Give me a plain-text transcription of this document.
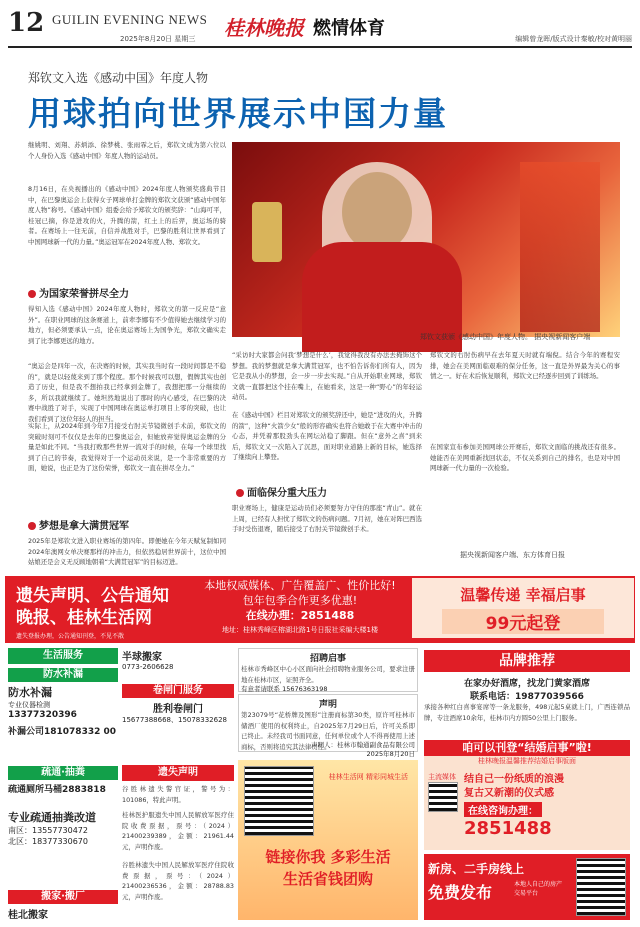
12 GUILIN EVENING NEWS
2025年8月20日 星期三 桂林晚报 燃情体育	编辑曾龙晖/版式设计秦敏/校对黄明丽
郑钦文入选《感动中国》年度人物
用球拍向世界展示中国力量
继姚明、刘翔、苏炳添、徐梦桃、张雨霏之后，郑钦文成为第六位以个人身份入选《感动中国》年度人物的运动员。
8月16日，在央视播出的《感动中国》2024年度人物颁奖盛典节目中，在巴黎奥运会上获得女子网球单打金牌的郑钦文获颁“感动中国年度人物”称号。《感动中国》组委会给予郑钦文的颁奖辞：“山海可平，桂冠已摘，你是进攻的火，升腾的箭，红土上的后羿，奥运场的骑者。在赛场上一往无前，自信并战胜对手，巴黎的胜利让世界看到了中国网球新一代的力量。”奥运冠军在2024年度人物、郑钦文。
郑钦文获颁《感动中国》年度人物。 据央视新闻客户端
为国家荣誉拼尽全力
得知入选《感动中国》2024年度人物时，郑钦文的第一反应是“意外”。在职业网球的这条赛道上，前辈李娜有不少值得她去继续学习的地方，但必须要承认一点，论在奥运赛场上为国争光，郑钦文确实走到了比李娜更远的地方。
“奥运会是四年一次，在决赛的时候，其实我当时有一段时间都是不稳的”，就是以轻蔑来到了那个程度。那个时候我可以想，假牌其实也创造了历史，但是我不想拍我已经拿到金牌了，我想把那一分继续的多，所以我就继续了。她坦然地说出了那时的内心感受，在巴黎的决赛中战胜了对手，实现了中国网球在奥运单打项目上零的突破，也让我们看到了这位年轻人的担当。
实际上，从2024年到今年7月接受右肘关节镜微创手术前，郑钦文的突破时刻可不仅仅是去年的巴黎奥运会，但她放弃觉得奥运金牌的分量是如此不同。“当我打败那些世界一流对手的时候，在每一个球里找到了自己的节奏，我觉得对于一个运动员来说，是一个非常重要的方面，她说，也正是为了这份荣誉，郑钦文一直在拼尽全力。”
梦想是拿大满贯冠军
2025年是郑钦文进入职业赛场的第四年。即便她在今年天赋复制如同2024年澳网女单决赛那样的冲击力，但依然稳居世界前十，这位中国姑娘还是会义无反顾地朝着“大满贯冠军”的目标迈进。
“采访时大家都会问我‘梦想是什么’，我觉得我没有办法去掩饰这个梦想。我的梦想就是拿大满贯冠军，也不怕告诉你们所有人，因为它是我从小的梦想，会一步一步去实现。”自从开始职业网球，郑钦文就一直都把这个挂在嘴上，在她看来，这是一种“野心”的年轻运动员。
在《感动中国》栏目对郑钦文的颁奖辞还中，她是“进攻的火，升腾的箭”，这种“火箭少女”般的形容确实也符合她敢于在大赛中冲击的心态，并凭着那股劲头在网坛站稳了脚跟。但在“意外之喜”到来后，郑钦文又一次陷入了沉思，面对职业道路上新的目标，她选择了继续向上攀登。
面临保分重大压力
职业赛场上，健康是运动员们必须要努力守住的那座“青山”。就在上周，已经有人担忧了郑钦文的伤病问题。7月初，她在对阵巴西选手时受伤退赛，随后接受了右肘关节镜微创手术。
郑钦文的右肘伤病早在去年夏天时就有端倪。结合今年的赛程安排，她会在美网面临艰难的保分任务，这一直是外界最为关心的事情之一。好在术后恢复顺利，郑钦文已经逐步回到了训练场。
在国家宣布参加美国网球公开赛后，郑钦文面临的挑战还有很多。她能否在美网重新找回状态，不仅关系到自己的排名，也是对中国网球新一代力量的一次检验。
据央视新闻客户端、东方体育日报
遗失声明、公告通知
晚报、桂林生活网
遗失登报办理，公告通知刊登，不见不散
本地权威媒体、广告覆盖广、性价比好!
包年包季合作更多优惠!
在线办理：2851488
地址：桂林秀峰区榕湖北路1号日报社采编大楼1楼
温馨传递 幸福启事
99元起登
生活服务
防水补漏
防水补漏
专业仪器检测
13377320396
补漏公司181078332 00
疏通·抽粪
疏通厕所马桶2883818
专业疏通抽粪改道
南区：13557730472
北区：18377330670
搬家·搬厂
桂北搬家
半球搬家
0773-2606628
卷闸门服务
胜利卷闸门
15677388668、15078332628
遗失声明
谷胜林遗失警官证，警号为：101086，特此声明。
桂林医护服遗失中国人民解放军医疗住院收费票据，票号：（2024）21400239389，金额：21961.44元，声明作废。
谷胜林遗失中国人民解放军医疗住院收费票据，票号：（2024）21400236536，金额：28788.83元，声明作废。
招聘启事
桂林市秀峰区中心小区面向社会招聘物业服务公司，要求注册地在桂林市区，证照齐全。
有意者请联系 15676363198
声明
第23079号“花桥牌及图形”注册商标第30类，原许可桂林市储酒厂使用的权利终止，自2025年7月29日后，许可关系即已终止。未经我司书面同意，任何单位或个人不得再使用上述商标，否则将追究其法律责任。
声明人：桂林市翰通副食品有限公司
2025年8月20日
桂林生活网 精彩同城生活
链接你我 多彩生活
生活省钱团购
品牌推荐
在家办好酒席，找龙门黄家酒席
联系电话：19877039566
承接各种红白喜事宴席等一条龙服务，498元起5桌就上门，广西连锁品牌，专注酒席10余年，桂林市内方圆50公里上门服务。
咱可以刊登“结婚启事”啦!
桂林晚报温馨推荐结婚启事版面
主流媒体 结自己一份纸质的浪漫
复古又新潮的仪式感
在线咨询办理：
2851488
新房、二手房线上
免费发布	本地人自己的房产交易平台
